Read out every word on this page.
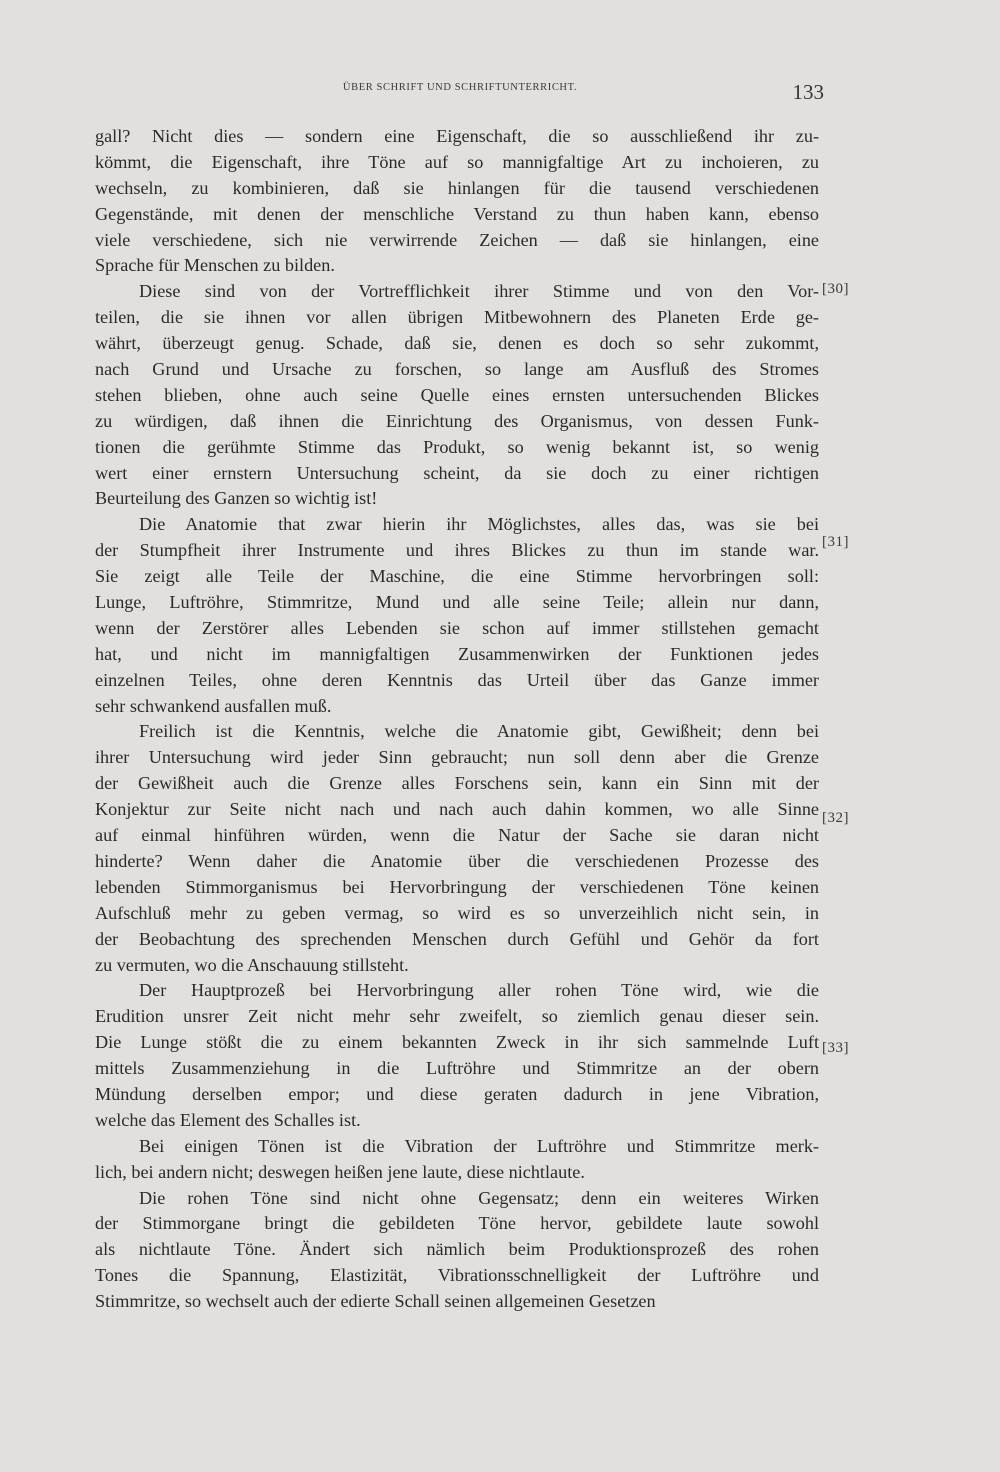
ÜBER SCHRIFT UND SCHRIFTUNTERRICHT.	133
gall? Nicht dies — sondern eine Eigenschaft, die so ausschließend ihr zu-
kömmt, die Eigenschaft, ihre Töne auf so mannigfaltige Art zu inchoieren, zu
wechseln, zu kombinieren, daß sie hinlangen für die tausend verschiedenen
Gegenstände, mit denen der menschliche Verstand zu thun haben kann, ebenso
viele verschiedene, sich nie verwirrende Zeichen — daß sie hinlangen, eine
Sprache für Menschen zu bilden.
Diese sind von der Vortrefflichkeit ihrer Stimme und von den Vor-
teilen, die sie ihnen vor allen übrigen Mitbewohnern des Planeten Erde ge-
währt, überzeugt genug. Schade, daß sie, denen es doch so sehr zukommt,
nach Grund und Ursache zu forschen, so lange am Ausfluß des Stromes
stehen blieben, ohne auch seine Quelle eines ernsten untersuchenden Blickes
zu würdigen, daß ihnen die Einrichtung des Organismus, von dessen Funk-
tionen die gerühmte Stimme das Produkt, so wenig bekannt ist, so wenig
wert einer ernstern Untersuchung scheint, da sie doch zu einer richtigen
Beurteilung des Ganzen so wichtig ist!
Die Anatomie that zwar hierin ihr Möglichstes, alles das, was sie bei
der Stumpfheit ihrer Instrumente und ihres Blickes zu thun im stande war.
Sie zeigt alle Teile der Maschine, die eine Stimme hervorbringen soll:
Lunge, Luftröhre, Stimmritze, Mund und alle seine Teile; allein nur dann,
wenn der Zerstörer alles Lebenden sie schon auf immer stillstehen gemacht
hat, und nicht im mannigfaltigen Zusammenwirken der Funktionen jedes
einzelnen Teiles, ohne deren Kenntnis das Urteil über das Ganze immer
sehr schwankend ausfallen muß.
Freilich ist die Kenntnis, welche die Anatomie gibt, Gewißheit; denn bei
ihrer Untersuchung wird jeder Sinn gebraucht; nun soll denn aber die Grenze
der Gewißheit auch die Grenze alles Forschens sein, kann ein Sinn mit der
Konjektur zur Seite nicht nach und nach auch dahin kommen, wo alle Sinne
auf einmal hinführen würden, wenn die Natur der Sache sie daran nicht
hinderte? Wenn daher die Anatomie über die verschiedenen Prozesse des
lebenden Stimmorganismus bei Hervorbringung der verschiedenen Töne keinen
Aufschluß mehr zu geben vermag, so wird es so unverzeihlich nicht sein, in
der Beobachtung des sprechenden Menschen durch Gefühl und Gehör da fort
zu vermuten, wo die Anschauung stillsteht.
Der Hauptprozeß bei Hervorbringung aller rohen Töne wird, wie die
Erudition unsrer Zeit nicht mehr sehr zweifelt, so ziemlich genau dieser sein.
Die Lunge stößt die zu einem bekannten Zweck in ihr sich sammelnde Luft
mittels Zusammenziehung in die Luftröhre und Stimmritze an der obern
Mündung derselben empor; und diese geraten dadurch in jene Vibration,
welche das Element des Schalles ist.
Bei einigen Tönen ist die Vibration der Luftröhre und Stimmritze merk-
lich, bei andern nicht; deswegen heißen jene laute, diese nichtlaute.
Die rohen Töne sind nicht ohne Gegensatz; denn ein weiteres Wirken
der Stimmorgane bringt die gebildeten Töne hervor, gebildete laute sowohl
als nichtlaute Töne. Ändert sich nämlich beim Produktionsprozeß des rohen
Tones die Spannung, Elastizität, Vibrationsschnelligkeit der Luftröhre und
Stimmritze, so wechselt auch der edierte Schall seinen allgemeinen Gesetzen
[30]
[31]
[32]
[33]
